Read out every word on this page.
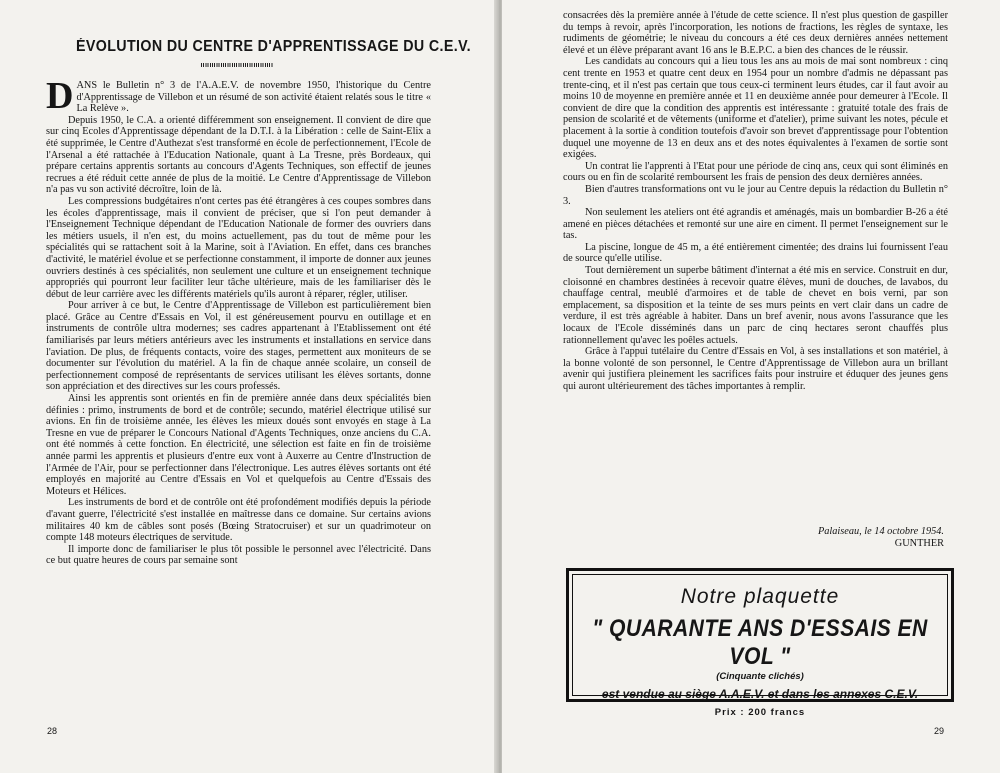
ÉVOLUTION DU CENTRE D'APPRENTISSAGE DU C.E.V.

DANS le Bulletin n° 3 de l'A.A.E.V. de novembre 1950, l'historique du Centre d'Apprentissage de Villebon et un résumé de son activité étaient relatés sous le titre « La Relève ».

Depuis 1950, le C.A. a orienté différemment son enseignement. Il convient de dire que sur cinq Ecoles d'Apprentissage dépendant de la D.T.I. à la Libération : celle de Saint-Elix a été supprimée, le Centre d'Authezat s'est transformé en école de perfectionnement, l'Ecole de l'Arsenal a été rattachée à l'Education Nationale, quant à La Tresne, près Bordeaux, qui prépare certains apprentis sortants au concours d'Agents Techniques, son effectif de jeunes recrues a été réduit cette année de plus de la moitié. Le Centre d'Apprentissage de Villebon n'a pas vu son activité décroître, loin de là.

Les compressions budgétaires n'ont certes pas été étrangères à ces coupes sombres dans les écoles d'apprentissage, mais il convient de préciser, que si l'on peut demander à l'Enseignement Technique dépendant de l'Education Nationale de former des ouvriers dans les métiers usuels, il n'en est, du moins actuellement, pas du tout de même pour les spécialités qui se rattachent soit à la Marine, soit à l'Aviation. En effet, dans ces branches d'activité, le matériel évolue et se perfectionne constamment, il importe de donner aux jeunes ouvriers destinés à ces spécialités, non seulement une culture et un enseignement technique appropriés qui pourront leur faciliter leur tâche ultérieure, mais de les familiariser dès le début de leur carrière avec les différents matériels qu'ils auront à réparer, régler, utiliser.

Pour arriver à ce but, le Centre d'Apprentissage de Villebon est particulièrement bien placé. Grâce au Centre d'Essais en Vol, il est généreusement pourvu en outillage et en instruments de contrôle ultra modernes; ses cadres appartenant à l'Etablissement ont été familiarisés par leurs métiers antérieurs avec les instruments et installations en service dans l'aviation. De plus, de fréquents contacts, voire des stages, permettent aux moniteurs de se documenter sur l'évolution du matériel. A la fin de chaque année scolaire, un conseil de perfectionnement composé de représentants de services utilisant les élèves sortants, donne son appréciation et des directives sur les cours professés.

Ainsi les apprentis sont orientés en fin de première année dans deux spécialités bien définies : primo, instruments de bord et de contrôle; secundo, matériel électrique utilisé sur avions. En fin de troisième année, les élèves les mieux doués sont envoyés en stage à La Tresne en vue de préparer le Concours National d'Agents Techniques, onze anciens du C.A. ont été nommés à cette fonction. En électricité, une sélection est faite en fin de troisième année parmi les apprentis et plusieurs d'entre eux vont à Auxerre au Centre d'Instruction de l'Armée de l'Air, pour se perfectionner dans l'électronique. Les autres élèves sortants ont été employés en majorité au Centre d'Essais en Vol et quelquefois au Centre d'Essais des Moteurs et Hélices.

Les instruments de bord et de contrôle ont été profondément modifiés depuis la période d'avant guerre, l'électricité s'est installée en maîtresse dans ce domaine. Sur certains avions militaires 40 km de câbles sont posés (Bœing Stratocruiser) et sur un quadrimoteur on compte 148 moteurs électriques de servitude.

Il importe donc de familiariser le plus tôt possible le personnel avec l'électricité. Dans ce but quatre heures de cours par semaine sont

28

consacrées dès la première année à l'étude de cette science. Il n'est plus question de gaspiller du temps à revoir, après l'incorporation, les notions de fractions, les règles de syntaxe, les rudiments de géométrie; le niveau du concours a été ces deux dernières années nettement élevé et un élève préparant avant 16 ans le B.E.P.C. a bien des chances de le réussir.

Les candidats au concours qui a lieu tous les ans au mois de mai sont nombreux : cinq cent trente en 1953 et quatre cent deux en 1954 pour un nombre d'admis ne dépassant pas trente-cinq, et il n'est pas certain que tous ceux-ci terminent leurs études, car il faut avoir au moins 10 de moyenne en première année et 11 en deuxième année pour demeurer à l'Ecole. Il convient de dire que la condition des apprentis est intéressante : gratuité totale des frais de pension de scolarité et de vêtements (uniforme et d'atelier), prime suivant les notes, pécule et placement à la sortie à condition toutefois d'avoir son brevet d'apprentissage pour l'obtention duquel une moyenne de 13 en deux ans et des notes équivalentes à l'examen de sortie sont exigées.

Un contrat lie l'apprenti à l'Etat pour une période de cinq ans, ceux qui sont éliminés en cours ou en fin de scolarité remboursent les frais de pension des deux dernières années.

Bien d'autres transformations ont vu le jour au Centre depuis la rédaction du Bulletin n° 3.

Non seulement les ateliers ont été agrandis et aménagés, mais un bombardier B-26 a été amené en pièces détachées et remonté sur une aire en ciment. Il permet l'enseignement sur le tas.

La piscine, longue de 45 m, a été entièrement cimentée; des drains lui fournissent l'eau de source qu'elle utilise.

Tout dernièrement un superbe bâtiment d'internat a été mis en service. Construit en dur, cloisonné en chambres destinées à recevoir quatre élèves, muni de douches, de lavabos, du chauffage central, meublé d'armoires et de table de chevet en bois verni, par son emplacement, sa disposition et la teinte de ses murs peints en vert clair dans un cadre de verdure, il est très agréable à habiter. Dans un bref avenir, nous avons l'assurance que les locaux de l'Ecole disséminés dans un parc de cinq hectares seront chauffés plus rationnellement qu'avec les poêles actuels.

Grâce à l'appui tutélaire du Centre d'Essais en Vol, à ses installations et son matériel, à la bonne volonté de son personnel, le Centre d'Apprentissage de Villebon aura un brillant avenir qui justifiera pleinement les sacrifices faits pour instruire et éduquer des jeunes gens qui auront ultérieurement des tâches importantes à remplir.

Palaiseau, le 14 octobre 1954.
GUNTHER
Notre plaquette
" QUARANTE ANS D'ESSAIS EN VOL "
(Cinquante clichés)
est vendue au siège A.A.E.V. et dans les annexes C.E.V.
Prix : 200 francs
29
